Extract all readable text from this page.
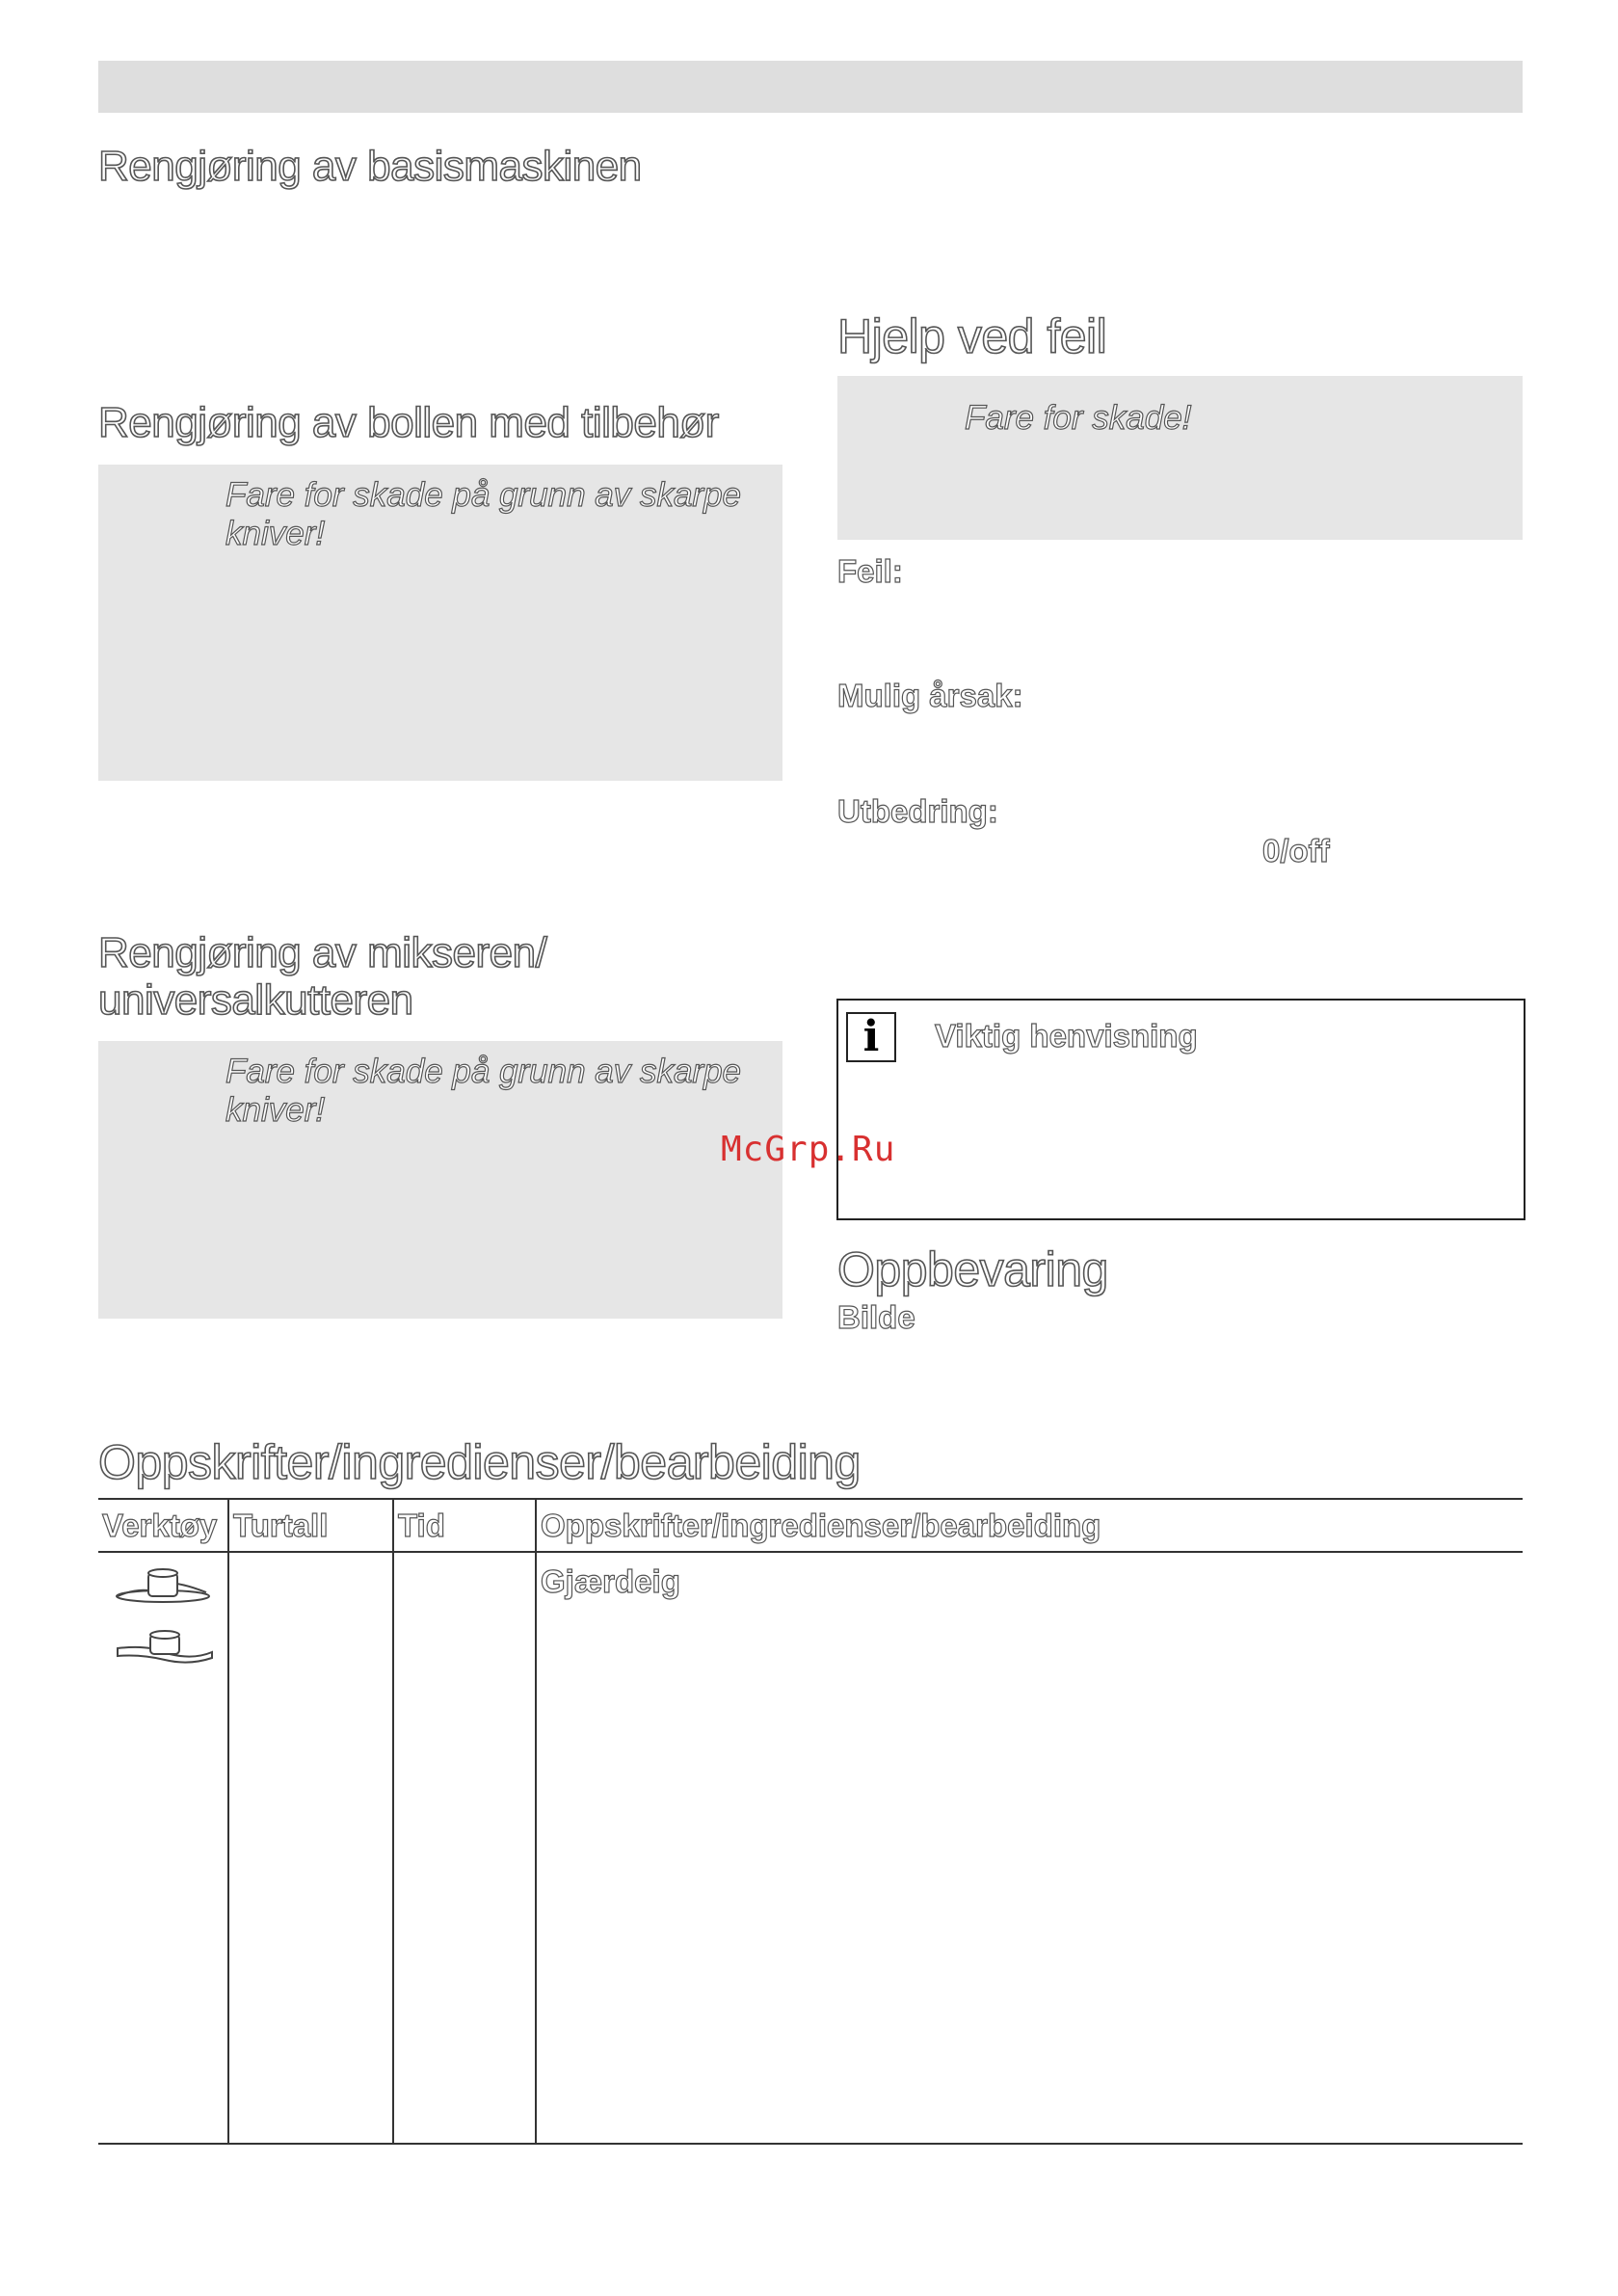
Rengjøring av basismaskinen
Rengjøring av bollen med tilbehør
Fare for skade på grunn av skarpe kniver!
Rengjøring av mikseren/
universalkutteren
Fare for skade på grunn av skarpe kniver!
Hjelp ved feil
Fare for skade!
Feil:
Mulig årsak:
Utbedring:
0/off
i	Viktig henvisning
McGrp.Ru
Oppbevaring
Bilde
Oppskrifter/ingredienser/bearbeiding
Verktøy Turtall Tid	Oppskrifter/ingredienser/bearbeiding
Gjærdeig
